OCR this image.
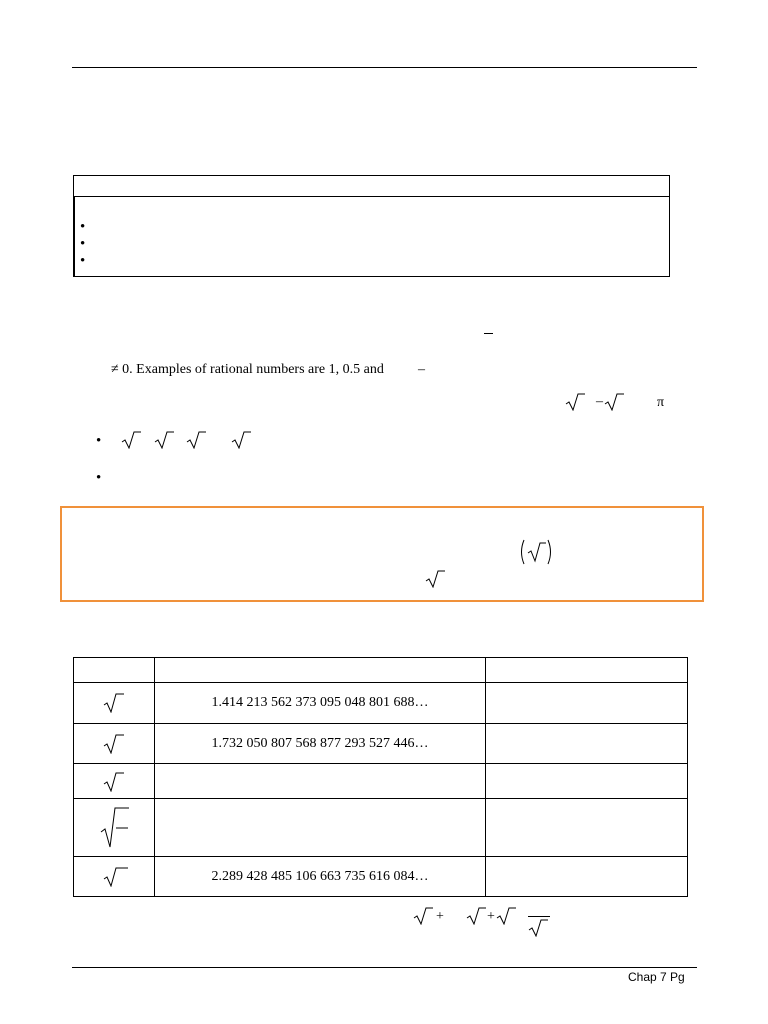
•
•
•
≠ 0. Examples of rational numbers are 1, 0.5 and –
–	π
•
•

	1.414 213 562 373 095 048 801 688…	

	1.732 050 807 568 877 293 527 446…	

	2.289 428 485 106 663 735 616 084…	
+	+
Chap 7 Pg
